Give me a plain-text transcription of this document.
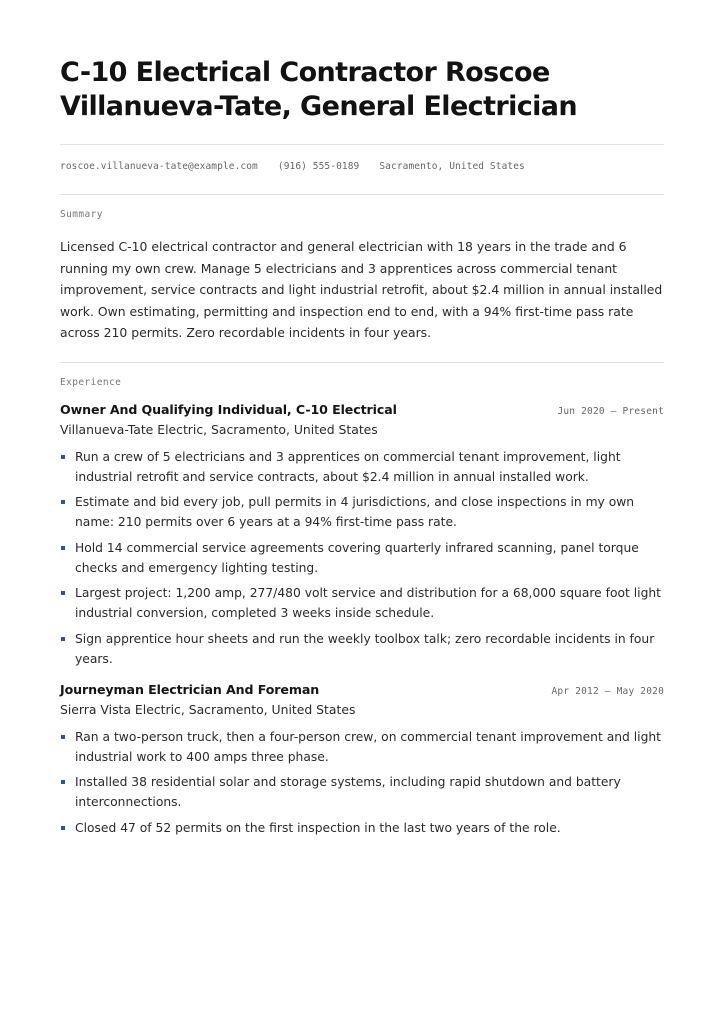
C-10 Electrical Contractor Roscoe Villanueva-Tate, General Electrician
roscoe.villanueva-tate@example.com (916) 555-0189 Sacramento, United States
Summary

Licensed C-10 electrical contractor and general electrician with 18 years in the trade and 6 running my own crew. Manage 5 electricians and 3 apprentices across commercial tenant improvement, service contracts and light industrial retrofit, about $2.4 million in annual installed work. Own estimating, permitting and inspection end to end, with a 94% first-time pass rate across 210 permits. Zero recordable incidents in four years.

Experience
Owner And Qualifying Individual, C-10 Electrical	Jun 2020 — Present
Villanueva-Tate Electric, Sacramento, United States
Run a crew of 5 electricians and 3 apprentices on commercial tenant improvement, light industrial retrofit and service contracts, about $2.4 million in annual installed work.
Estimate and bid every job, pull permits in 4 jurisdictions, and close inspections in my own name: 210 permits over 6 years at a 94% first-time pass rate.
Hold 14 commercial service agreements covering quarterly infrared scanning, panel torque checks and emergency lighting testing.
Largest project: 1,200 amp, 277/480 volt service and distribution for a 68,000 square foot light industrial conversion, completed 3 weeks inside schedule.
Sign apprentice hour sheets and run the weekly toolbox talk; zero recordable incidents in four years.
Journeyman Electrician And Foreman	Apr 2012 — May 2020
Sierra Vista Electric, Sacramento, United States
Ran a two-person truck, then a four-person crew, on commercial tenant improvement and light industrial work to 400 amps three phase.
Installed 38 residential solar and storage systems, including rapid shutdown and battery interconnections.
Closed 47 of 52 permits on the first inspection in the last two years of the role.
